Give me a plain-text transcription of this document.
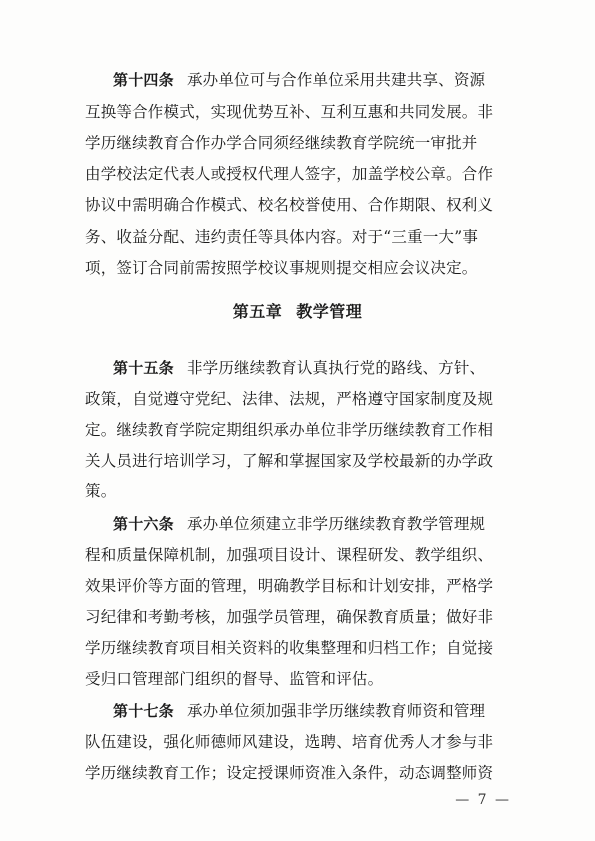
第十四条 承办单位可与合作单位采用共建共享、资源
互换等合作模式，实现优势互补、互利互惠和共同发展。非
学历继续教育合作办学合同须经继续教育学院统一审批并
由学校法定代表人或授权代理人签字，加盖学校公章。合作
协议中需明确合作模式、校名校誉使用、合作期限、权利义
务、收益分配、违约责任等具体内容。对于“三重一大”事
项，签订合同前需按照学校议事规则提交相应会议决定。
第五章 教学管理
第十五条 非学历继续教育认真执行党的路线、方针、
政策，自觉遵守党纪、法律、法规，严格遵守国家制度及规
定。继续教育学院定期组织承办单位非学历继续教育工作相
关人员进行培训学习，了解和掌握国家及学校最新的办学政
策。
第十六条 承办单位须建立非学历继续教育教学管理规
程和质量保障机制，加强项目设计、课程研发、教学组织、
效果评价等方面的管理，明确教学目标和计划安排，严格学
习纪律和考勤考核，加强学员管理，确保教育质量；做好非
学历继续教育项目相关资料的收集整理和归档工作；自觉接
受归口管理部门组织的督导、监管和评估。
第十七条 承办单位须加强非学历继续教育师资和管理
队伍建设，强化师德师风建设，选聘、培育优秀人才参与非
学历继续教育工作；设定授课师资准入条件，动态调整师资
— 7 —
